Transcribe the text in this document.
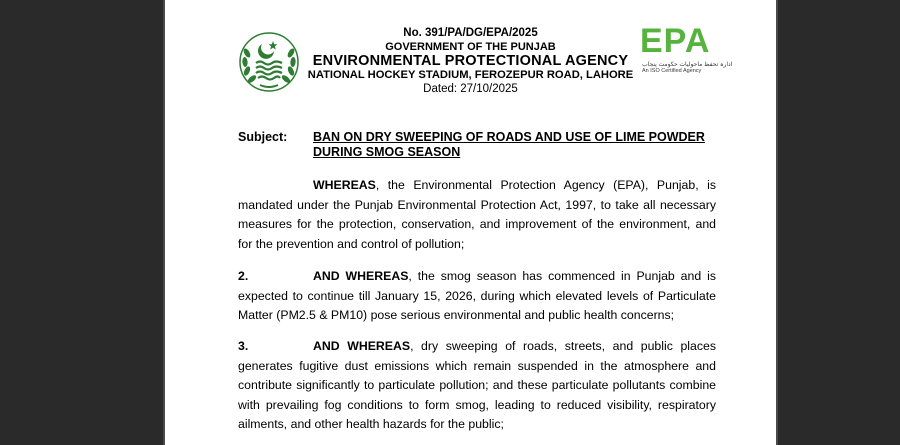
EPA
ادارہ تحفظ ماحولیات حکومت پنجاب
An ISO Certified Agency
No. 391/PA/DG/EPA/2025
GOVERNMENT OF THE PUNJAB
ENVIRONMENTAL PROTECTIONAL AGENCY
NATIONAL HOCKEY STADIUM, FEROZEPUR ROAD, LAHORE
Dated: 27/10/2025
Subject: BAN ON DRY SWEEPING OF ROADS AND USE OF LIME POWDER DURING SMOG SEASON
WHEREAS, the Environmental Protection Agency (EPA), Punjab, is mandated under the Punjab Environmental Protection Act, 1997, to take all necessary measures for the protection, conservation, and improvement of the environment, and for the prevention and control of pollution;
2.	AND WHEREAS, the smog season has commenced in Punjab and is expected to continue till January 15, 2026, during which elevated levels of Particulate Matter (PM2.5 & PM10) pose serious environmental and public health concerns;
3.	AND WHEREAS, dry sweeping of roads, streets, and public places generates fugitive dust emissions which remain suspended in the atmosphere and contribute significantly to particulate pollution; and these particulate pollutants combine with prevailing fog conditions to form smog, leading to reduced visibility, respiratory ailments, and other health hazards for the public;
